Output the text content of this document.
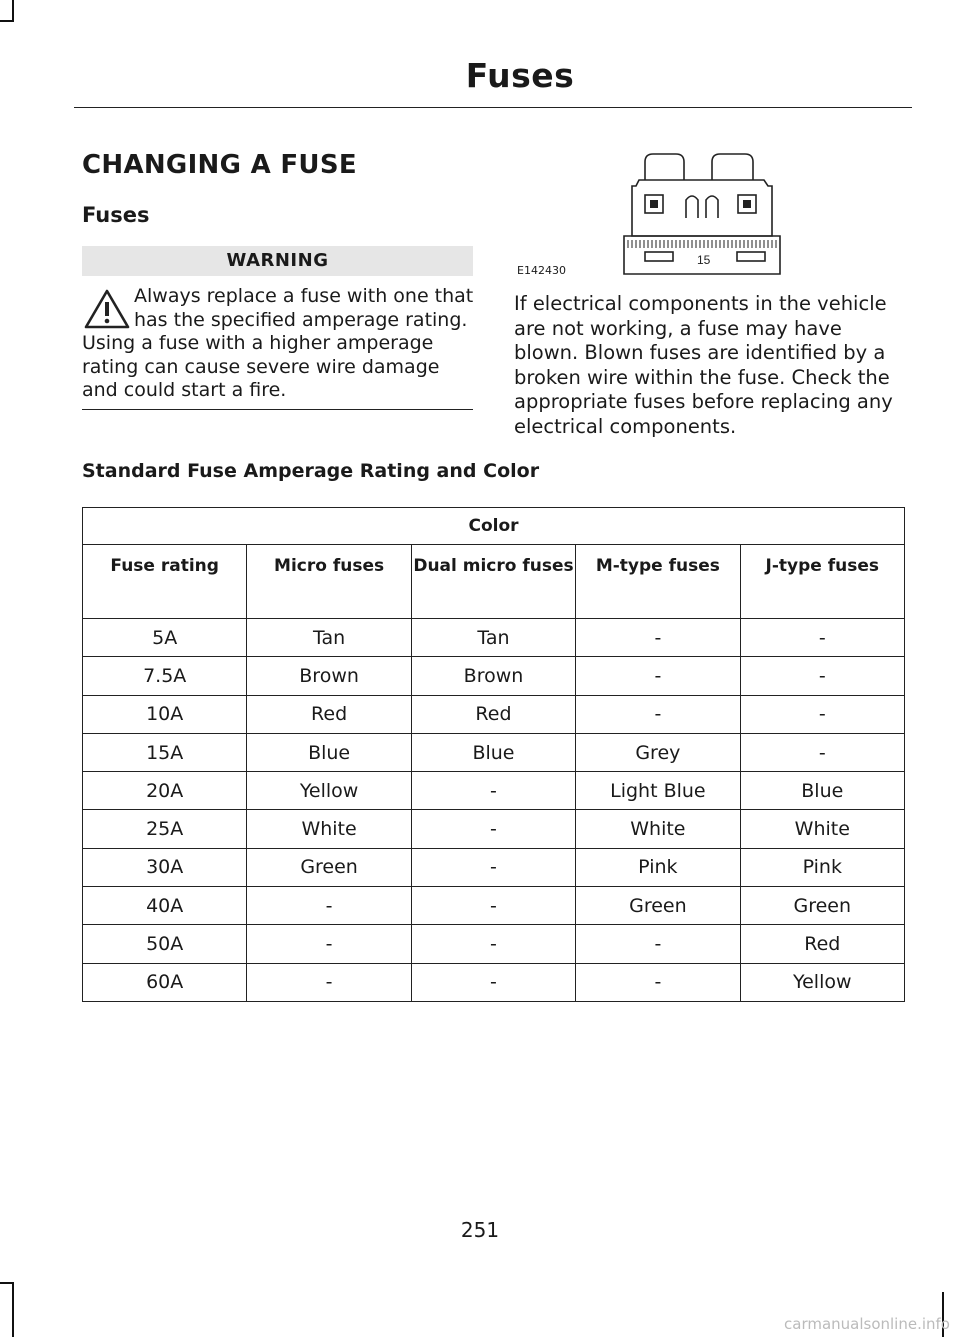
Fuses
CHANGING A FUSE
Fuses
WARNING

Always replace a fuse with one that has the specified amperage rating. Using a fuse with a higher amperage rating can cause severe wire damage and could start a fire.

15
E142430

If electrical components in the vehicle are not working, a fuse may have blown. Blown fuses are identified by a broken wire within the fuse. Check the appropriate fuses before replacing any electrical components.

Standard Fuse Amperage Rating and Color
Color				
Fuse rating	Micro fuses	Dual micro fuses	M-type fuses	J-type fuses
5A	Tan	Tan	-	-
7.5A	Brown	Brown	-	-
10A	Red	Red	-	-
15A	Blue	Blue	Grey	-
20A	Yellow	-	Light Blue	Blue
25A	White	-	White	White
30A	Green	-	Pink	Pink
40A	-	-	Green	Green
50A	-	-	-	Red
60A	-	-	-	Yellow
251
carmanualsonline.info
